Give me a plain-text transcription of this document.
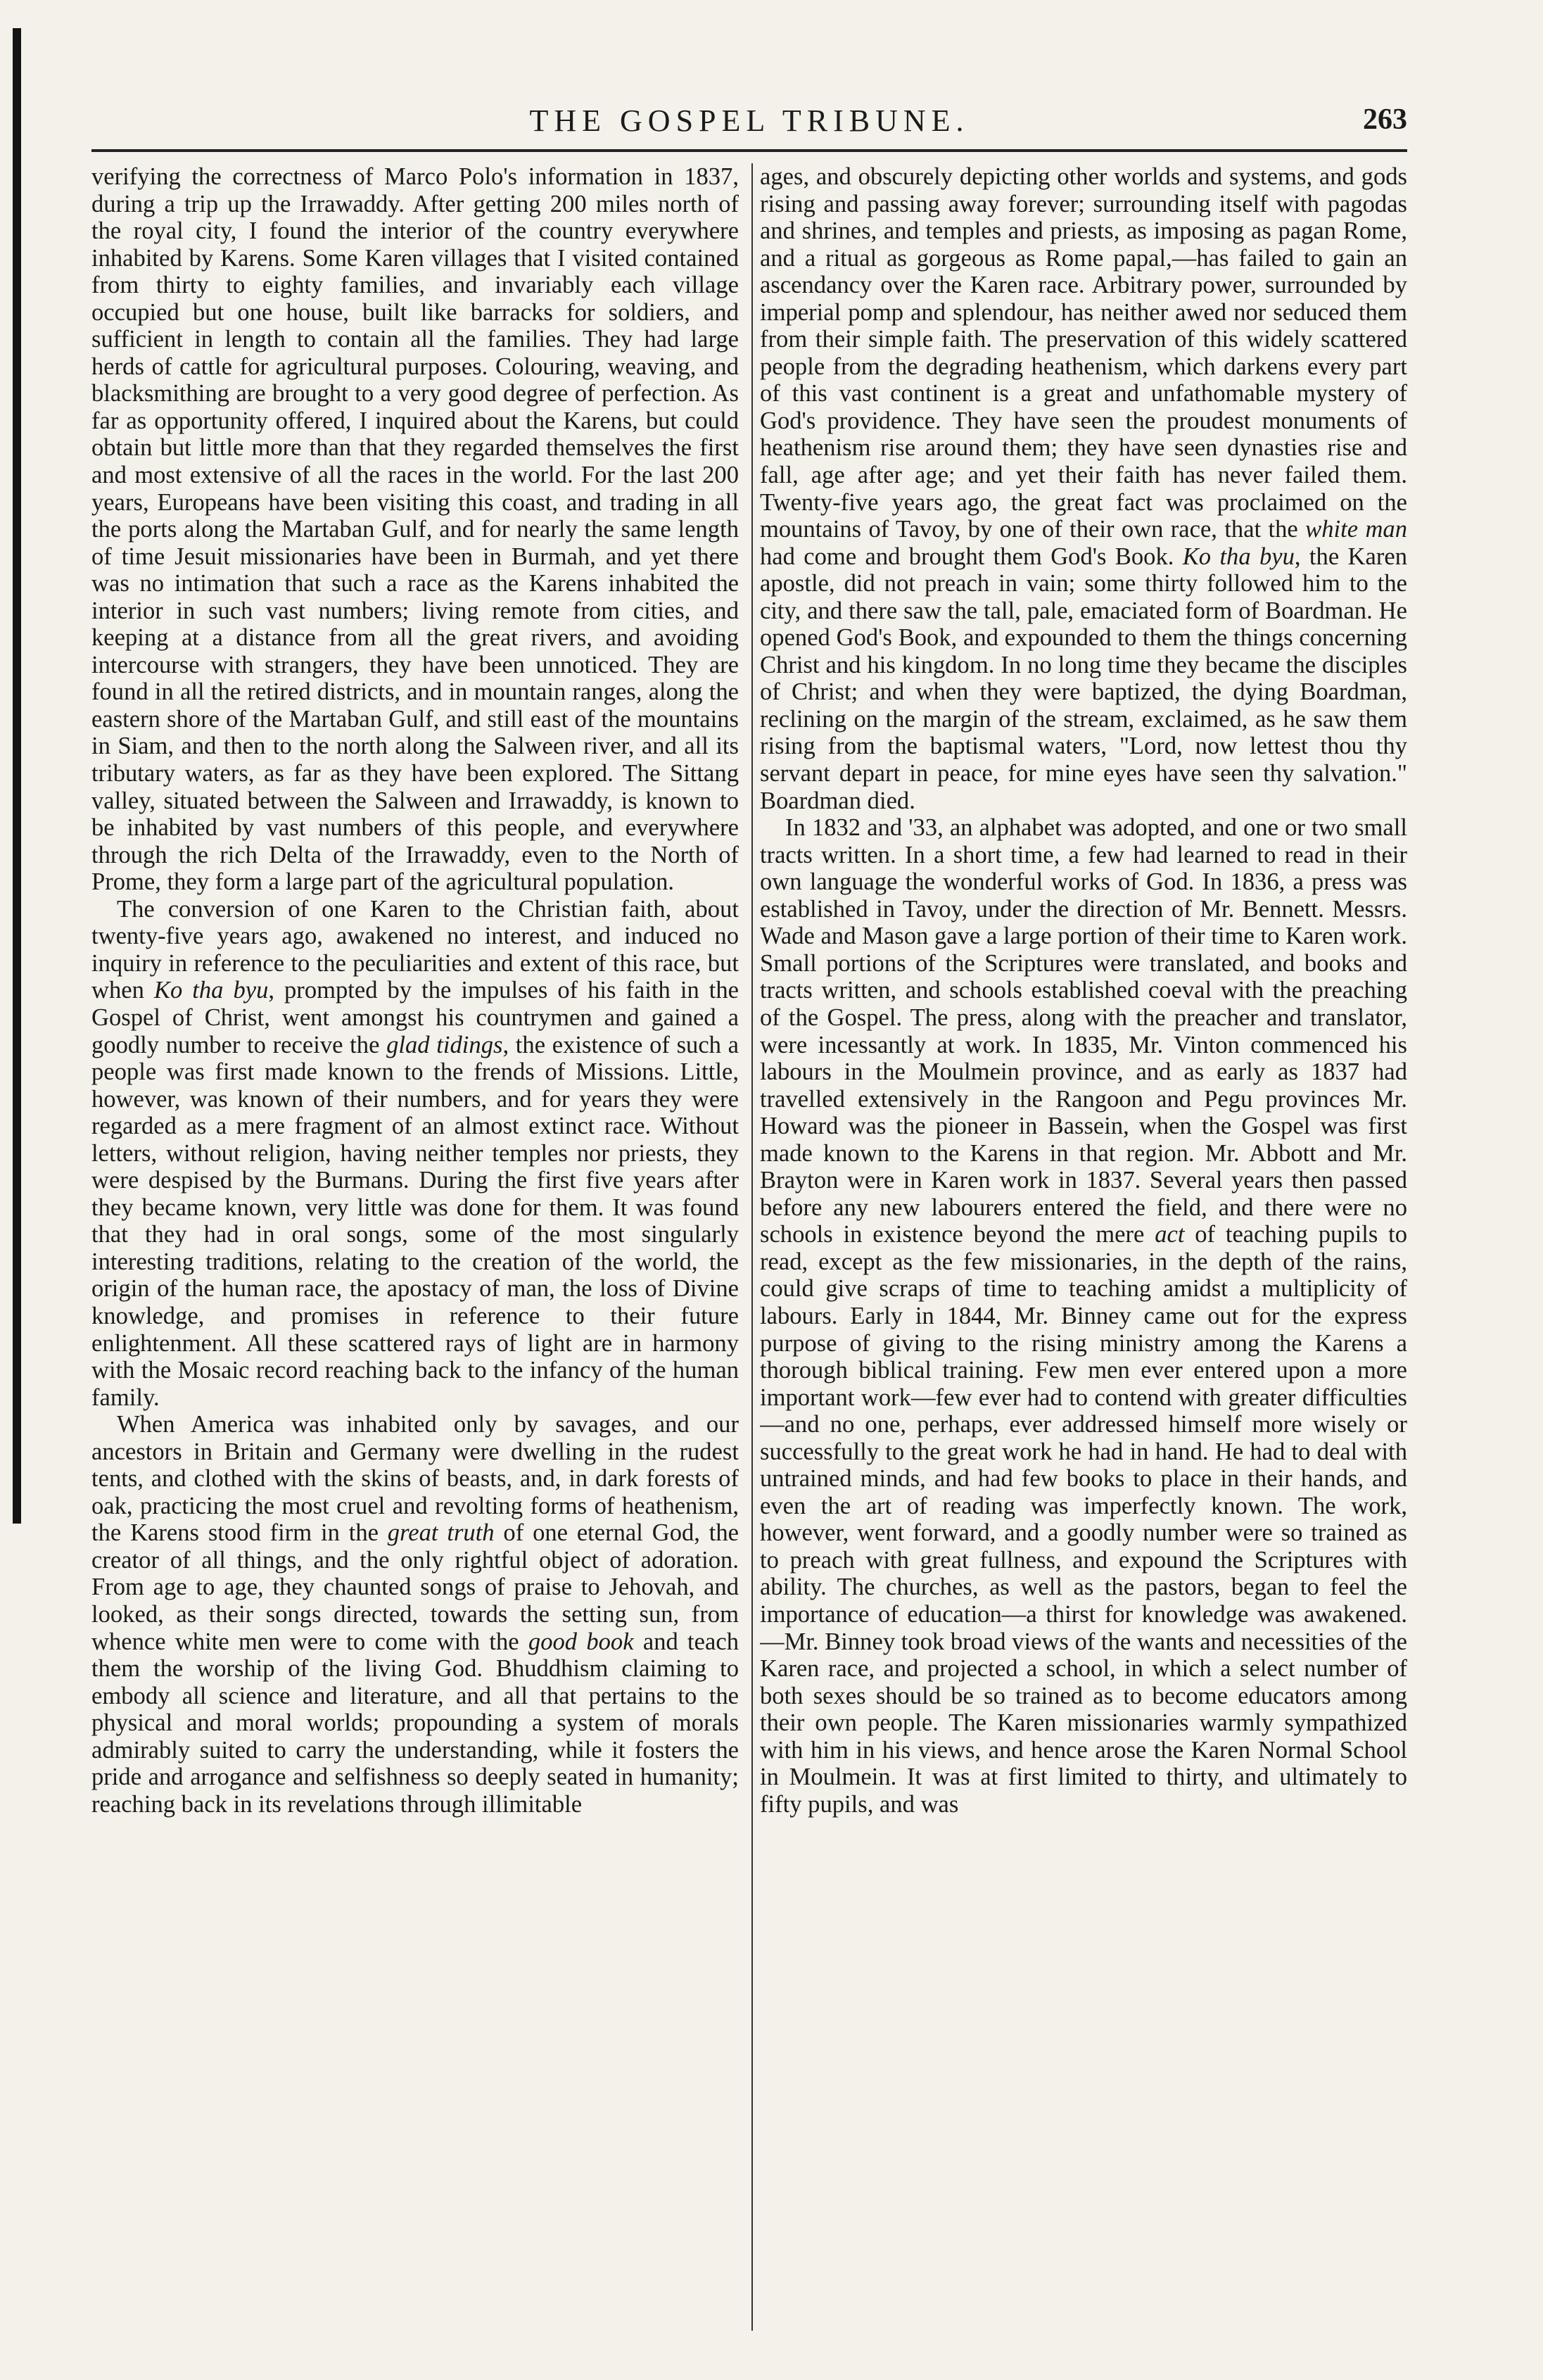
THE GOSPEL TRIBUNE.	263

verifying the correctness of Marco Polo's information in 1837, during a trip up the Irrawaddy. After getting 200 miles north of the royal city, I found the interior of the country everywhere inhabited by Karens. Some Karen villages that I visited contained from thirty to eighty families, and invariably each village occupied but one house, built like barracks for soldiers, and sufficient in length to contain all the families. They had large herds of cattle for agricultural purposes. Colouring, weaving, and blacksmithing are brought to a very good degree of perfection. As far as opportunity offered, I inquired about the Karens, but could obtain but little more than that they regarded themselves the first and most extensive of all the races in the world. For the last 200 years, Europeans have been visiting this coast, and trading in all the ports along the Martaban Gulf, and for nearly the same length of time Jesuit missionaries have been in Burmah, and yet there was no intimation that such a race as the Karens inhabited the interior in such vast numbers; living remote from cities, and keeping at a distance from all the great rivers, and avoiding intercourse with strangers, they have been unnoticed. They are found in all the retired districts, and in mountain ranges, along the eastern shore of the Martaban Gulf, and still east of the mountains in Siam, and then to the north along the Salween river, and all its tributary waters, as far as they have been explored. The Sittang valley, situated between the Salween and Irrawaddy, is known to be inhabited by vast numbers of this people, and everywhere through the rich Delta of the Irrawaddy, even to the North of Prome, they form a large part of the agricultural population.

The conversion of one Karen to the Christian faith, about twenty-five years ago, awakened no interest, and induced no inquiry in reference to the peculiarities and extent of this race, but when Ko tha byu, prompted by the impulses of his faith in the Gospel of Christ, went amongst his countrymen and gained a goodly number to receive the glad tidings, the existence of such a people was first made known to the frends of Missions. Little, however, was known of their numbers, and for years they were regarded as a mere fragment of an almost extinct race. Without letters, without religion, having neither temples nor priests, they were despised by the Burmans. During the first five years after they became known, very little was done for them. It was found that they had in oral songs, some of the most singularly interesting traditions, relating to the creation of the world, the origin of the human race, the apostacy of man, the loss of Divine knowledge, and promises in reference to their future enlightenment. All these scattered rays of light are in harmony with the Mosaic record reaching back to the infancy of the human family.

When America was inhabited only by savages, and our ancestors in Britain and Germany were dwelling in the rudest tents, and clothed with the skins of beasts, and, in dark forests of oak, practicing the most cruel and revolting forms of heathenism, the Karens stood firm in the great truth of one eternal God, the creator of all things, and the only rightful object of adoration. From age to age, they chaunted songs of praise to Jehovah, and looked, as their songs directed, towards the setting sun, from whence white men were to come with the good book and teach them the worship of the living God. Bhuddhism claiming to embody all science and literature, and all that pertains to the physical and moral worlds; propounding a system of morals admirably suited to carry the understanding, while it fosters the pride and arrogance and selfishness so deeply seated in humanity; reaching back in its revelations through illimitable

ages, and obscurely depicting other worlds and systems, and gods rising and passing away forever; surrounding itself with pagodas and shrines, and temples and priests, as imposing as pagan Rome, and a ritual as gorgeous as Rome papal,—has failed to gain an ascendancy over the Karen race. Arbitrary power, surrounded by imperial pomp and splendour, has neither awed nor seduced them from their simple faith. The preservation of this widely scattered people from the degrading heathenism, which darkens every part of this vast continent is a great and unfathomable mystery of God's providence. They have seen the proudest monuments of heathenism rise around them; they have seen dynasties rise and fall, age after age; and yet their faith has never failed them. Twenty-five years ago, the great fact was proclaimed on the mountains of Tavoy, by one of their own race, that the white man had come and brought them God's Book. Ko tha byu, the Karen apostle, did not preach in vain; some thirty followed him to the city, and there saw the tall, pale, emaciated form of Boardman. He opened God's Book, and expounded to them the things concerning Christ and his kingdom. In no long time they became the disciples of Christ; and when they were baptized, the dying Boardman, reclining on the margin of the stream, exclaimed, as he saw them rising from the baptismal waters, "Lord, now lettest thou thy servant depart in peace, for mine eyes have seen thy salvation." Boardman died.

In 1832 and '33, an alphabet was adopted, and one or two small tracts written. In a short time, a few had learned to read in their own language the wonderful works of God. In 1836, a press was established in Tavoy, under the direction of Mr. Bennett. Messrs. Wade and Mason gave a large portion of their time to Karen work. Small portions of the Scriptures were translated, and books and tracts written, and schools established coeval with the preaching of the Gospel. The press, along with the preacher and translator, were incessantly at work. In 1835, Mr. Vinton commenced his labours in the Moulmein province, and as early as 1837 had travelled extensively in the Rangoon and Pegu provinces Mr. Howard was the pioneer in Bassein, when the Gospel was first made known to the Karens in that region. Mr. Abbott and Mr. Brayton were in Karen work in 1837. Several years then passed before any new labourers entered the field, and there were no schools in existence beyond the mere act of teaching pupils to read, except as the few missionaries, in the depth of the rains, could give scraps of time to teaching amidst a multiplicity of labours. Early in 1844, Mr. Binney came out for the express purpose of giving to the rising ministry among the Karens a thorough biblical training. Few men ever entered upon a more important work—few ever had to contend with greater difficulties—and no one, perhaps, ever addressed himself more wisely or successfully to the great work he had in hand. He had to deal with untrained minds, and had few books to place in their hands, and even the art of reading was imperfectly known. The work, however, went forward, and a goodly number were so trained as to preach with great fullness, and expound the Scriptures with ability. The churches, as well as the pastors, began to feel the importance of education—a thirst for knowledge was awakened.—Mr. Binney took broad views of the wants and necessities of the Karen race, and projected a school, in which a select number of both sexes should be so trained as to become educators among their own people. The Karen missionaries warmly sympathized with him in his views, and hence arose the Karen Normal School in Moulmein. It was at first limited to thirty, and ultimately to fifty pupils, and was
